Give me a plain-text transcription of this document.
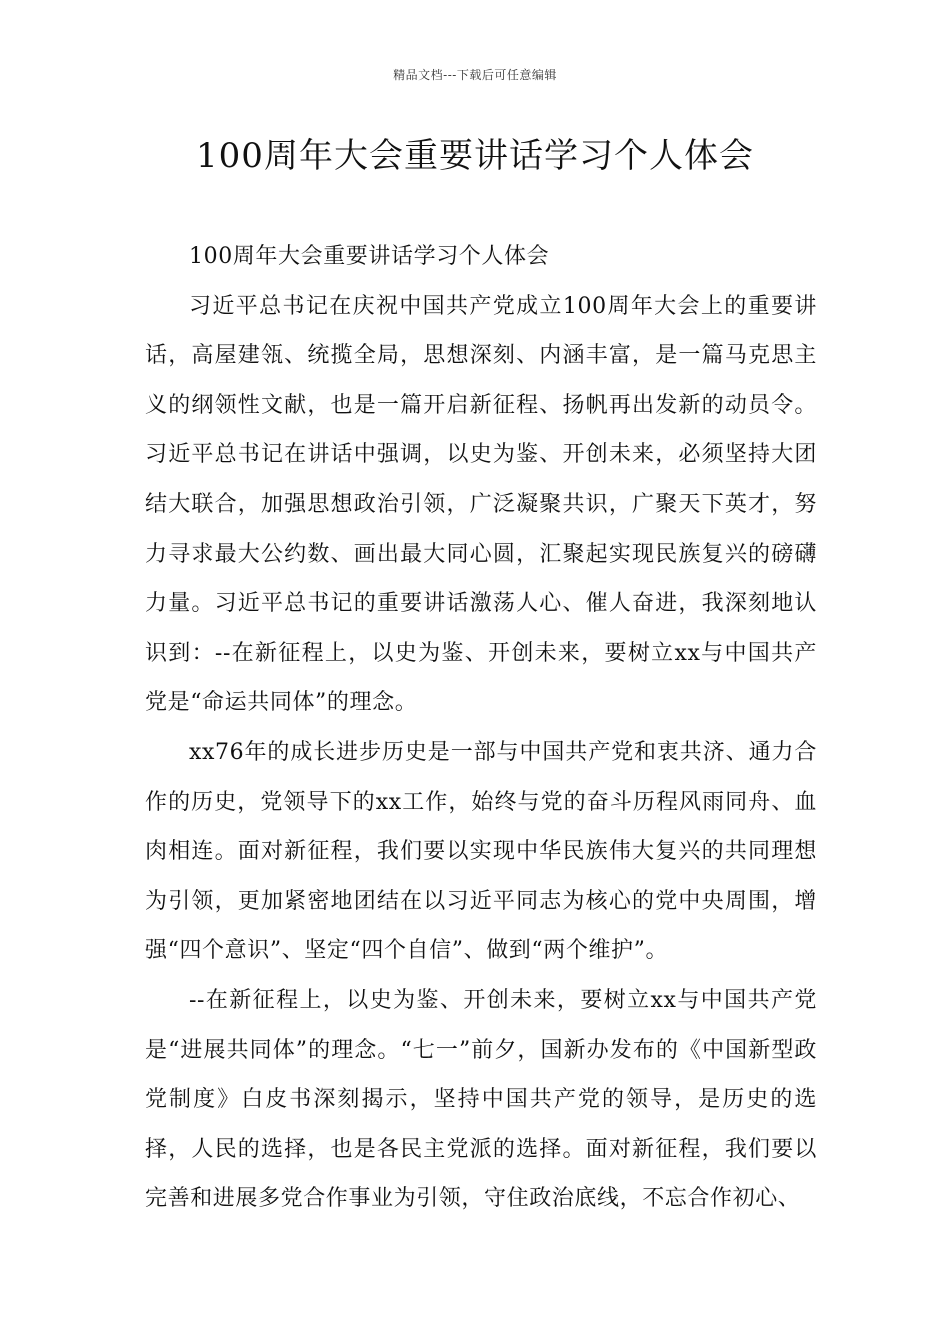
精品文档---下载后可任意编辑
100周年大会重要讲话学习个人体会

100周年大会重要讲话学习个人体会

习近平总书记在庆祝中国共产党成立100周年大会上的重要讲话，高屋建瓴、统揽全局，思想深刻、内涵丰富，是一篇马克思主义的纲领性文献，也是一篇开启新征程、扬帆再出发新的动员令。习近平总书记在讲话中强调，以史为鉴、开创未来，必须坚持大团结大联合，加强思想政治引领，广泛凝聚共识，广聚天下英才，努力寻求最大公约数、画出最大同心圆，汇聚起实现民族复兴的磅礴力量。习近平总书记的重要讲话激荡人心、催人奋进，我深刻地认识到：--在新征程上，以史为鉴、开创未来，要树立xx与中国共产党是“命运共同体”的理念。

xx76年的成长进步历史是一部与中国共产党和衷共济、通力合作的历史，党领导下的xx工作，始终与党的奋斗历程风雨同舟、血肉相连。面对新征程，我们要以实现中华民族伟大复兴的共同理想为引领，更加紧密地团结在以习近平同志为核心的党中央周围，增强“四个意识”、坚定“四个自信”、做到“两个维护”。

--在新征程上，以史为鉴、开创未来，要树立xx与中国共产党是“进展共同体”的理念。“七一”前夕，国新办发布的《中国新型政党制度》白皮书深刻揭示，坚持中国共产党的领导，是历史的选择，人民的选择，也是各民主党派的选择。面对新征程，我们要以完善和进展多党合作事业为引领，守住政治底线，不忘合作初心、
